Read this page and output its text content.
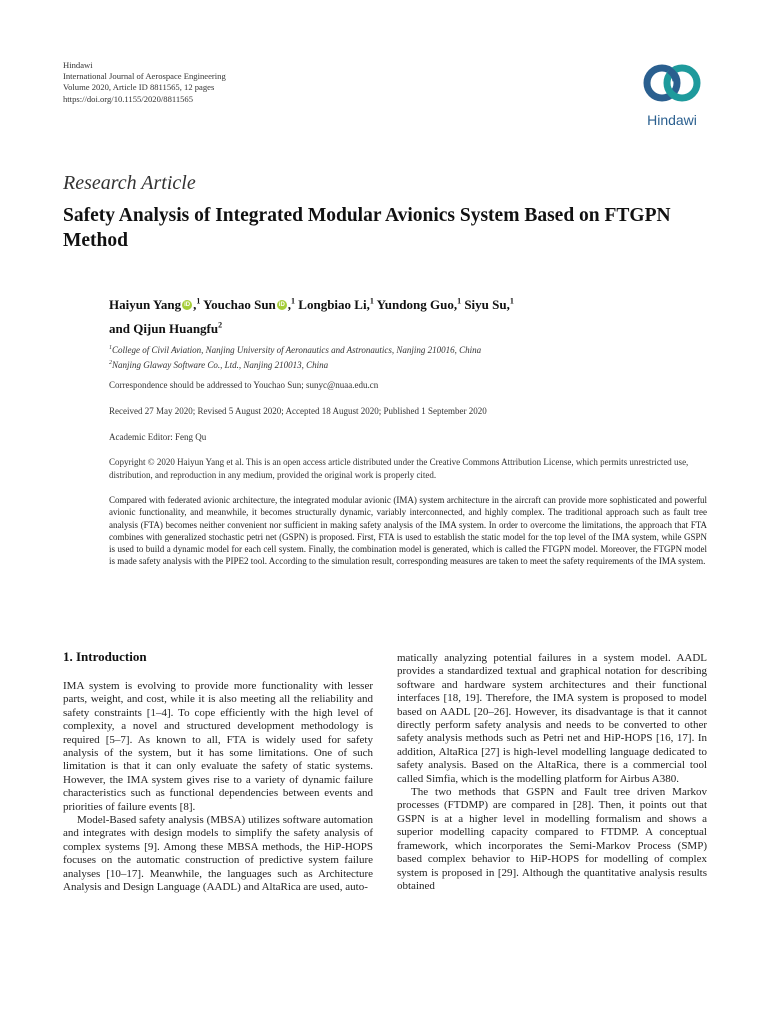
Hindawi
International Journal of Aerospace Engineering
Volume 2020, Article ID 8811565, 12 pages
https://doi.org/10.1155/2020/8811565
Hindawi
Research Article
Safety Analysis of Integrated Modular Avionics System Based on FTGPN Method
Haiyun Yang iD ,$^1$ Youchao Sun iD ,$^1$ Longbiao Li,$^1$ Yundong Guo,$^1$ Siyu Su,$^1$
and Qijun Huangfu$^2$
$^1$College of Civil Aviation, Nanjing University of Aeronautics and Astronautics, Nanjing 210016, China
$^2$Nanjing Glaway Software Co., Ltd., Nanjing 210013, China
Correspondence should be addressed to Youchao Sun; sunyc@nuaa.edu.cn
Received 27 May 2020; Revised 5 August 2020; Accepted 18 August 2020; Published 1 September 2020
Academic Editor: Feng Qu

Copyright © 2020 Haiyun Yang et al. This is an open access article distributed under the Creative Commons Attribution License, which permits unrestricted use, distribution, and reproduction in any medium, provided the original work is properly cited.

Compared with federated avionic architecture, the integrated modular avionic (IMA) system architecture in the aircraft can provide more sophisticated and powerful avionic functionality, and meanwhile, it becomes structurally dynamic, variably interconnected, and highly complex. The traditional approach such as fault tree analysis (FTA) becomes neither convenient nor sufficient in making safety analysis of the IMA system. In order to overcome the limitations, the approach that FTA combines with generalized stochastic petri net (GSPN) is proposed. First, FTA is used to establish the static model for the top level of the IMA system, while GSPN is used to build a dynamic model for each cell system. Finally, the combination model is generated, which is called the FTGPN model. Moreover, the FTGPN model is made safety analysis with the PIPE2 tool. According to the simulation result, corresponding measures are taken to meet the safety requirements of the IMA system.

1. Introduction

IMA system is evolving to provide more functionality with lesser parts, weight, and cost, while it is also meeting all the reliability and safety constraints [1–4]. To cope efficiently with the high level of complexity, a novel and structured development methodology is required [5–7]. As known to all, FTA is widely used for safety analysis of the system, but it has some limitations. One of such limitation is that it can only evaluate the safety of static systems. However, the IMA system gives rise to a variety of dynamic failure characteristics such as functional dependencies between events and priorities of failure events [8].

Model-Based safety analysis (MBSA) utilizes software automation and integrates with design models to simplify the safety analysis of complex systems [9]. Among these MBSA methods, the HiP-HOPS focuses on the automatic construction of predictive system failure analyses [10–17]. Meanwhile, the languages such as Architecture Analysis and Design Language (AADL) and AltaRica are used, auto-

matically analyzing potential failures in a system model. AADL provides a standardized textual and graphical notation for describing software and hardware system architectures and their functional interfaces [18, 19]. Therefore, the IMA system is proposed to model based on AADL [20–26]. However, its disadvantage is that it cannot directly perform safety analysis and needs to be converted to other safety analysis methods such as Petri net and HiP-HOPS [16, 17]. In addition, AltaRica [27] is high-level modelling language dedicated to safety analysis. Based on the AltaRica, there is a commercial tool called Simfia, which is the modelling platform for Airbus A380.

The two methods that GSPN and Fault tree driven Markov processes (FTDMP) are compared in [28]. Then, it points out that GSPN is at a higher level in modelling formalism and shows a superior modelling capacity compared to FTDMP. A conceptual framework, which incorporates the Semi-Markov Process (SMP) based complex behavior to HiP-HOPS for modelling of complex system is proposed in [29]. Although the quantitative analysis results obtained
